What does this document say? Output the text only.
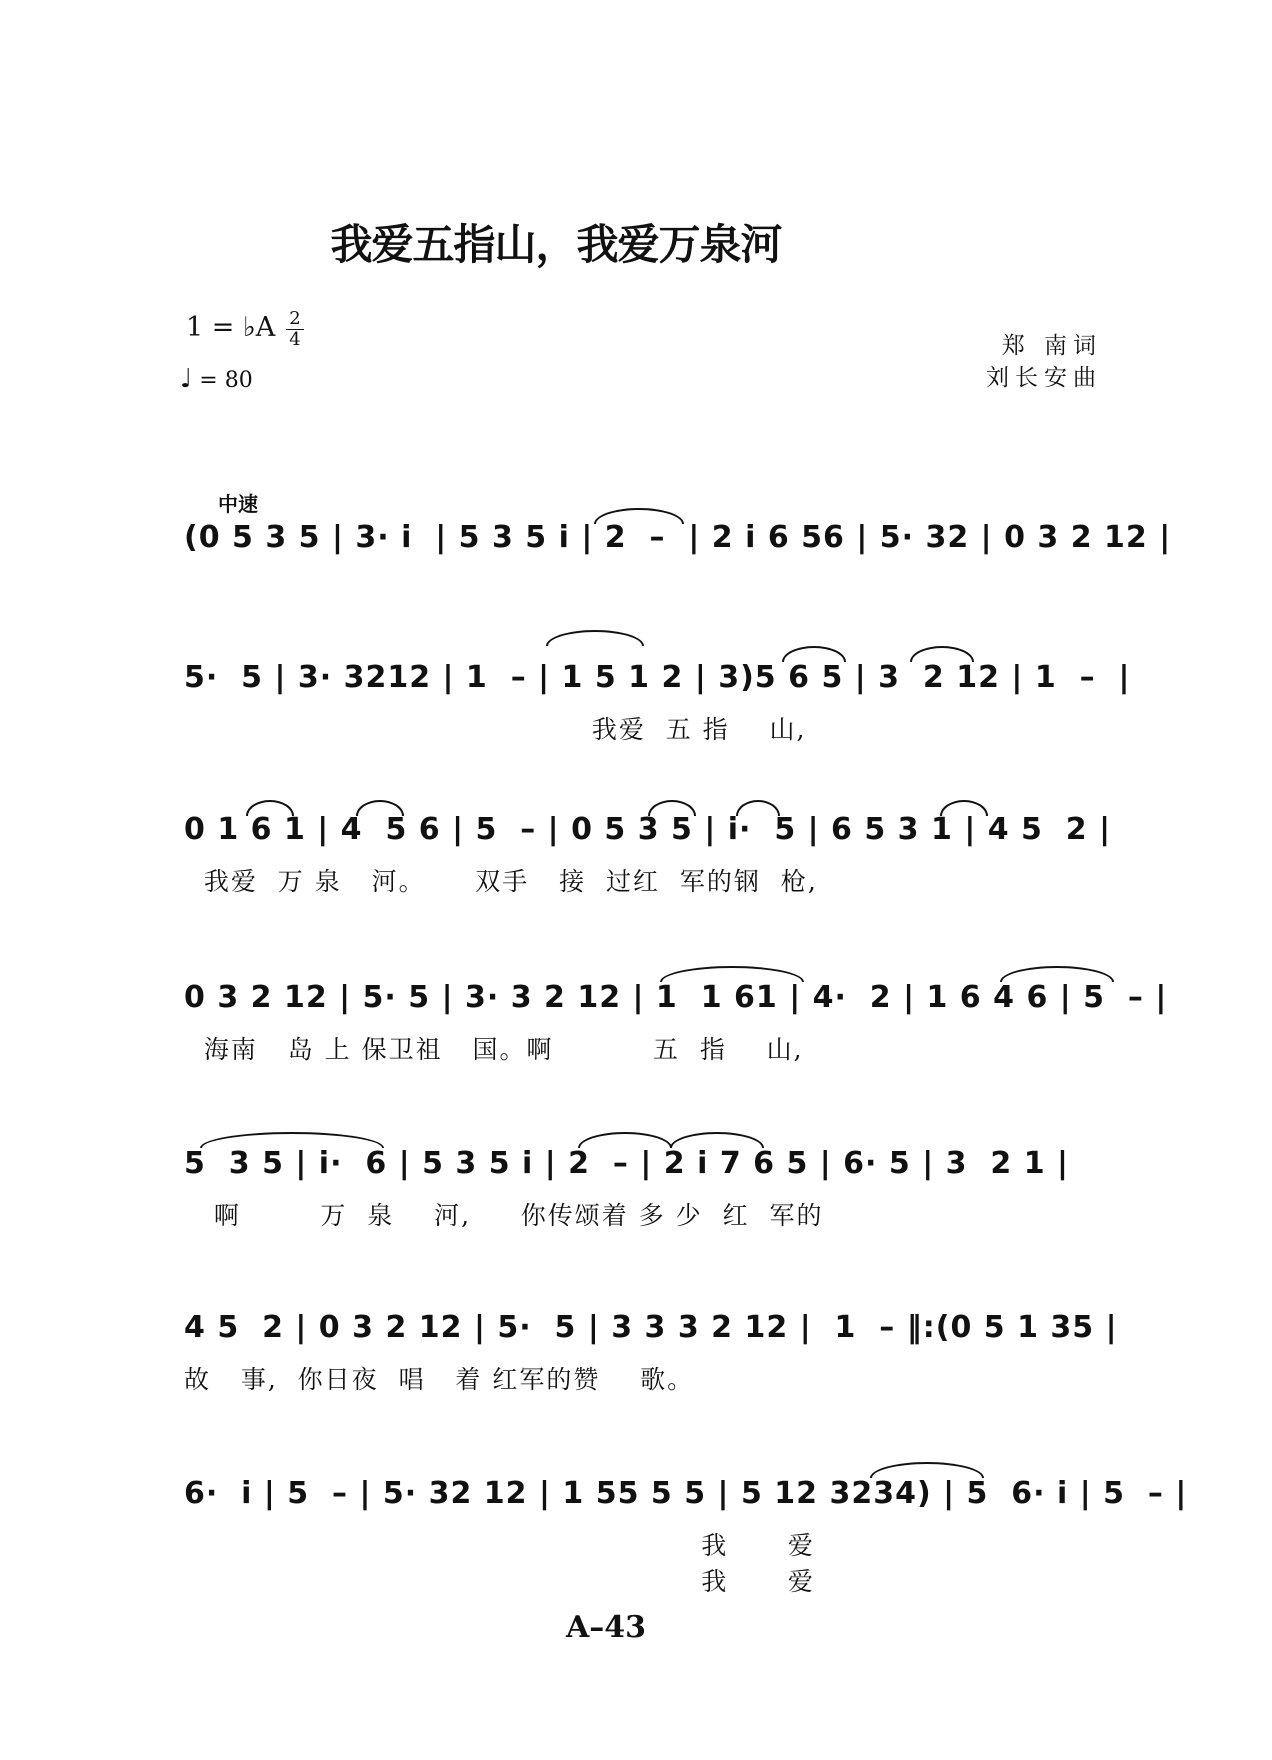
我爱五指山，我爱万泉河
1 = ♭A 2
4
♩ = 80
郑 南词
刘长安曲
中速
(0 5 3 5 | 3· i  | 5 3 5 i | 2  –  | 2 i 6 56 | 5· 32 | 0 3 2 12 |
5·  5 | 3· 3212 | 1  – | 1 5 1 2 | 3)5 6 5 | 3  2 12 | 1  –  |
我爱  五 指    山,
0 1 6 1 | 4  5 6 | 5  – | 0 5 3 5 | i·  5 | 6 5 3 1 | 4 5  2 |
我爱  万 泉   河。     双手   接  过红  军的钢  枪,
0 3 2 12 | 5· 5 | 3· 3 2 12 | 1  1 61 | 4·  2 | 1 6 4 6 | 5  – |
海南   岛 上 保卫祖   国。啊          五  指    山,
5  3 5 | i·  6 | 5 3 5 i | 2  – | 2 i 7 6 5 | 6· 5 | 3  2 1 |
啊        万  泉    河,     你传颂着 多 少  红  军的
4 5  2 | 0 3 2 12 | 5·  5 | 3 3 3 2 12 |  1  – ‖:(0 5 1 35 |
故   事,  你日夜  唱   着 红军的赞    歌。
6·  i | 5  – | 5· 32 12 | 1 55 5 5 | 5 12 3234) | 5  6· i | 5  – |
我      爱
我      爱
A–43
